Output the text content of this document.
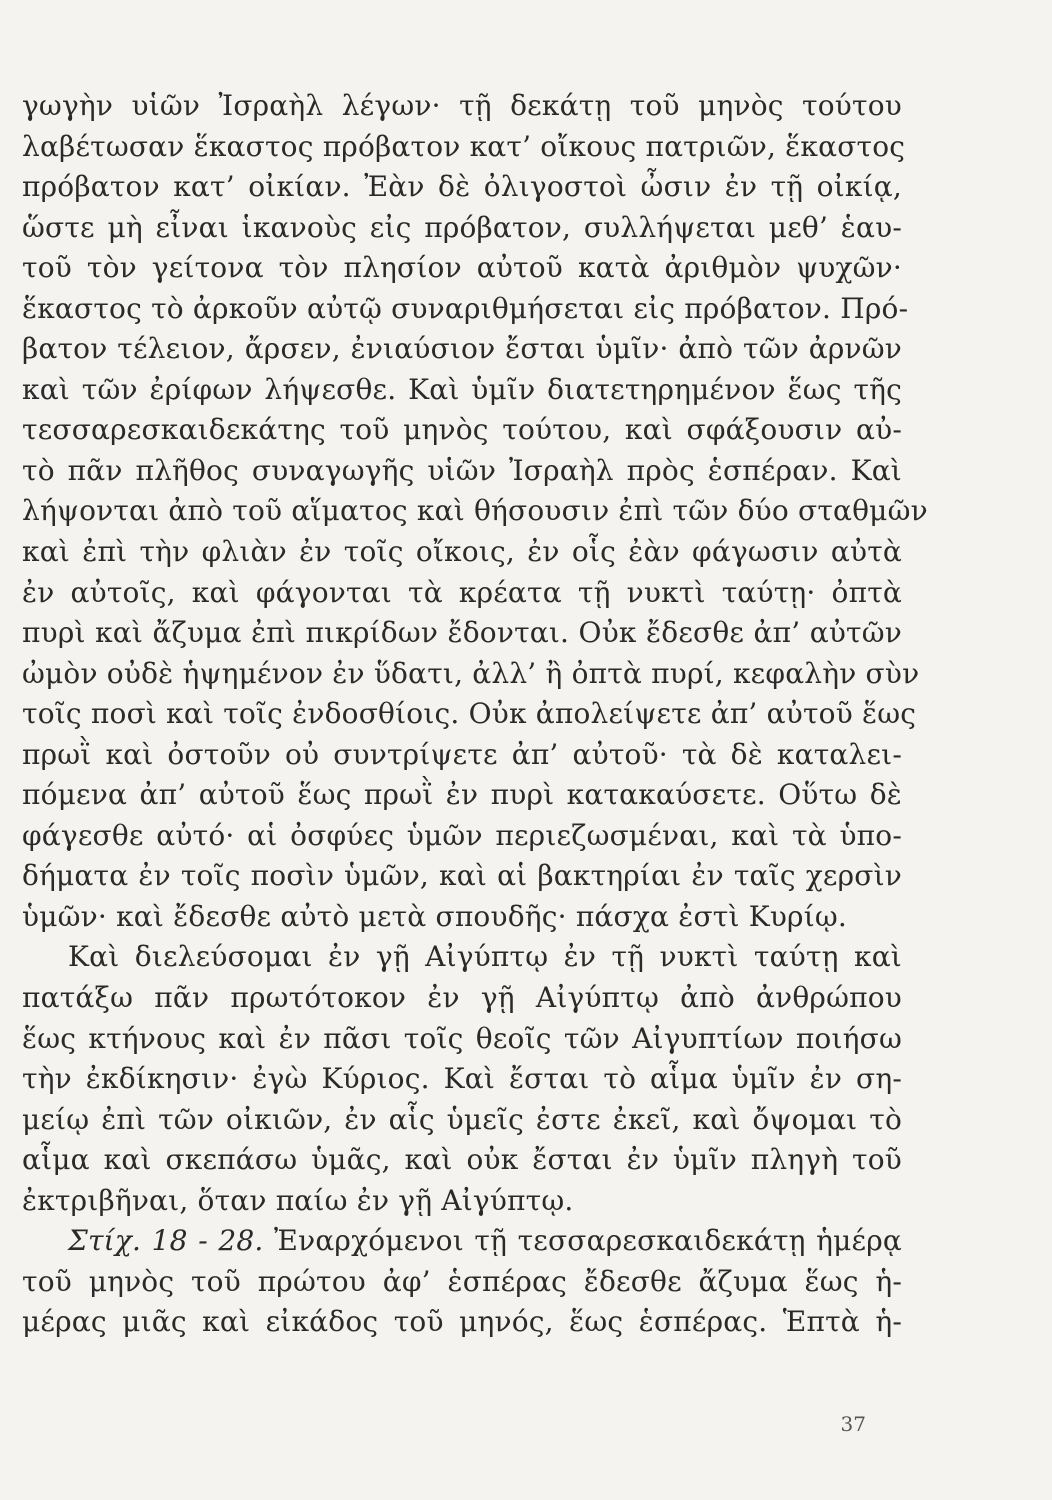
γωγὴν υἱῶν Ἰσραὴλ λέγων· τῇ δεκάτῃ τοῦ μηνὸς τούτου
λαβέτωσαν ἕκαστος πρόβατον κατ’ οἴκους πατριῶν, ἕκαστος
πρόβατον κατ’ οἰκίαν. Ἐὰν δὲ ὀλιγοστοὶ ὦσιν ἐν τῇ οἰκίᾳ,
ὥστε μὴ εἶναι ἱκανοὺς εἰς πρόβατον, συλλήψεται μεθ’ ἑαυ-
τοῦ τὸν γείτονα τὸν πλησίον αὐτοῦ κατὰ ἀριθμὸν ψυχῶν·
ἕκαστος τὸ ἀρκοῦν αὐτῷ συναριθμήσεται εἰς πρόβατον. Πρό-
βατον τέλειον, ἄρσεν, ἐνιαύσιον ἔσται ὑμῖν· ἀπὸ τῶν ἀρνῶν
καὶ τῶν ἐρίφων λήψεσθε. Καὶ ὑμῖν διατετηρημένον ἕως τῆς
τεσσαρεσκαιδεκάτης τοῦ μηνὸς τούτου, καὶ σφάξουσιν αὐ-
τὸ πᾶν πλῆθος συναγωγῆς υἱῶν Ἰσραὴλ πρὸς ἑσπέραν. Καὶ
λήψονται ἀπὸ τοῦ αἵματος καὶ θήσουσιν ἐπὶ τῶν δύο σταθμῶν
καὶ ἐπὶ τὴν φλιὰν ἐν τοῖς οἴκοις, ἐν οἷς ἐὰν φάγωσιν αὐτὰ
ἐν αὐτοῖς, καὶ φάγονται τὰ κρέατα τῇ νυκτὶ ταύτῃ· ὀπτὰ
πυρὶ καὶ ἄζυμα ἐπὶ πικρίδων ἔδονται. Οὐκ ἔδεσθε ἀπ’ αὐτῶν
ὠμὸν οὐδὲ ἡψημένον ἐν ὕδατι, ἀλλ’ ἢ ὀπτὰ πυρί, κεφαλὴν σὺν
τοῖς ποσὶ καὶ τοῖς ἐνδοσθίοις. Οὐκ ἀπολείψετε ἀπ’ αὐτοῦ ἕως
πρωῒ καὶ ὀστοῦν οὐ συντρίψετε ἀπ’ αὐτοῦ· τὰ δὲ καταλει-
πόμενα ἀπ’ αὐτοῦ ἕως πρωῒ ἐν πυρὶ κατακαύσετε. Οὕτω δὲ
φάγεσθε αὐτό· αἱ ὀσφύες ὑμῶν περιεζωσμέναι, καὶ τὰ ὑπο-
δήματα ἐν τοῖς ποσὶν ὑμῶν, καὶ αἱ βακτηρίαι ἐν ταῖς χερσὶν
ὑμῶν· καὶ ἔδεσθε αὐτὸ μετὰ σπουδῆς· πάσχα ἐστὶ Κυρίῳ.
Καὶ διελεύσομαι ἐν γῇ Αἰγύπτῳ ἐν τῇ νυκτὶ ταύτῃ καὶ
πατάξω πᾶν πρωτότοκον ἐν γῇ Αἰγύπτῳ ἀπὸ ἀνθρώπου
ἕως κτήνους καὶ ἐν πᾶσι τοῖς θεοῖς τῶν Αἰγυπτίων ποιήσω
τὴν ἐκδίκησιν· ἐγὼ Κύριος. Καὶ ἔσται τὸ αἷμα ὑμῖν ἐν ση-
μείῳ ἐπὶ τῶν οἰκιῶν, ἐν αἷς ὑμεῖς ἐστε ἐκεῖ, καὶ ὄψομαι τὸ
αἷμα καὶ σκεπάσω ὑμᾶς, καὶ οὐκ ἔσται ἐν ὑμῖν πληγὴ τοῦ
ἐκτριβῆναι, ὅταν παίω ἐν γῇ Αἰγύπτῳ.
Στίχ. 18 - 28. Ἐναρχόμενοι τῇ τεσσαρεσκαιδεκάτῃ ἡμέρᾳ
τοῦ μηνὸς τοῦ πρώτου ἀφ’ ἑσπέρας ἔδεσθε ἄζυμα ἕως ἡ-
μέρας μιᾶς καὶ εἰκάδος τοῦ μηνός, ἕως ἑσπέρας. Ἑπτὰ ἡ-
37
